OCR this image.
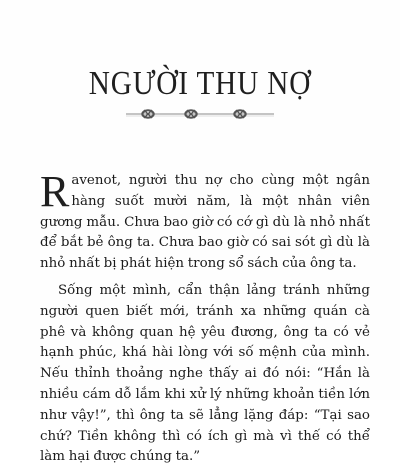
NGƯỜI THU NỢ

Ravenot, người thu nợ cho cùng một ngân hàng suốt mười năm, là một nhân viên gương mẫu. Chưa bao giờ có cớ gì dù là nhỏ nhất để bắt bẻ ông ta. Chưa bao giờ có sai sót gì dù là nhỏ nhất bị phát hiện trong sổ sách của ông ta.

Sống một mình, cẩn thận lảng tránh những người quen biết mới, tránh xa những quán cà phê và không quan hệ yêu đương, ông ta có vẻ hạnh phúc, khá hài lòng với số mệnh của mình. Nếu thỉnh thoảng nghe thấy ai đó nói: “Hắn là nhiều cám dỗ lắm khi xử lý những khoản tiền lớn như vậy!”, thì ông ta sẽ lẳng lặng đáp: “Tại sao chứ? Tiền không thì có ích gì mà vì thế có thể làm hại được chúng ta.”
